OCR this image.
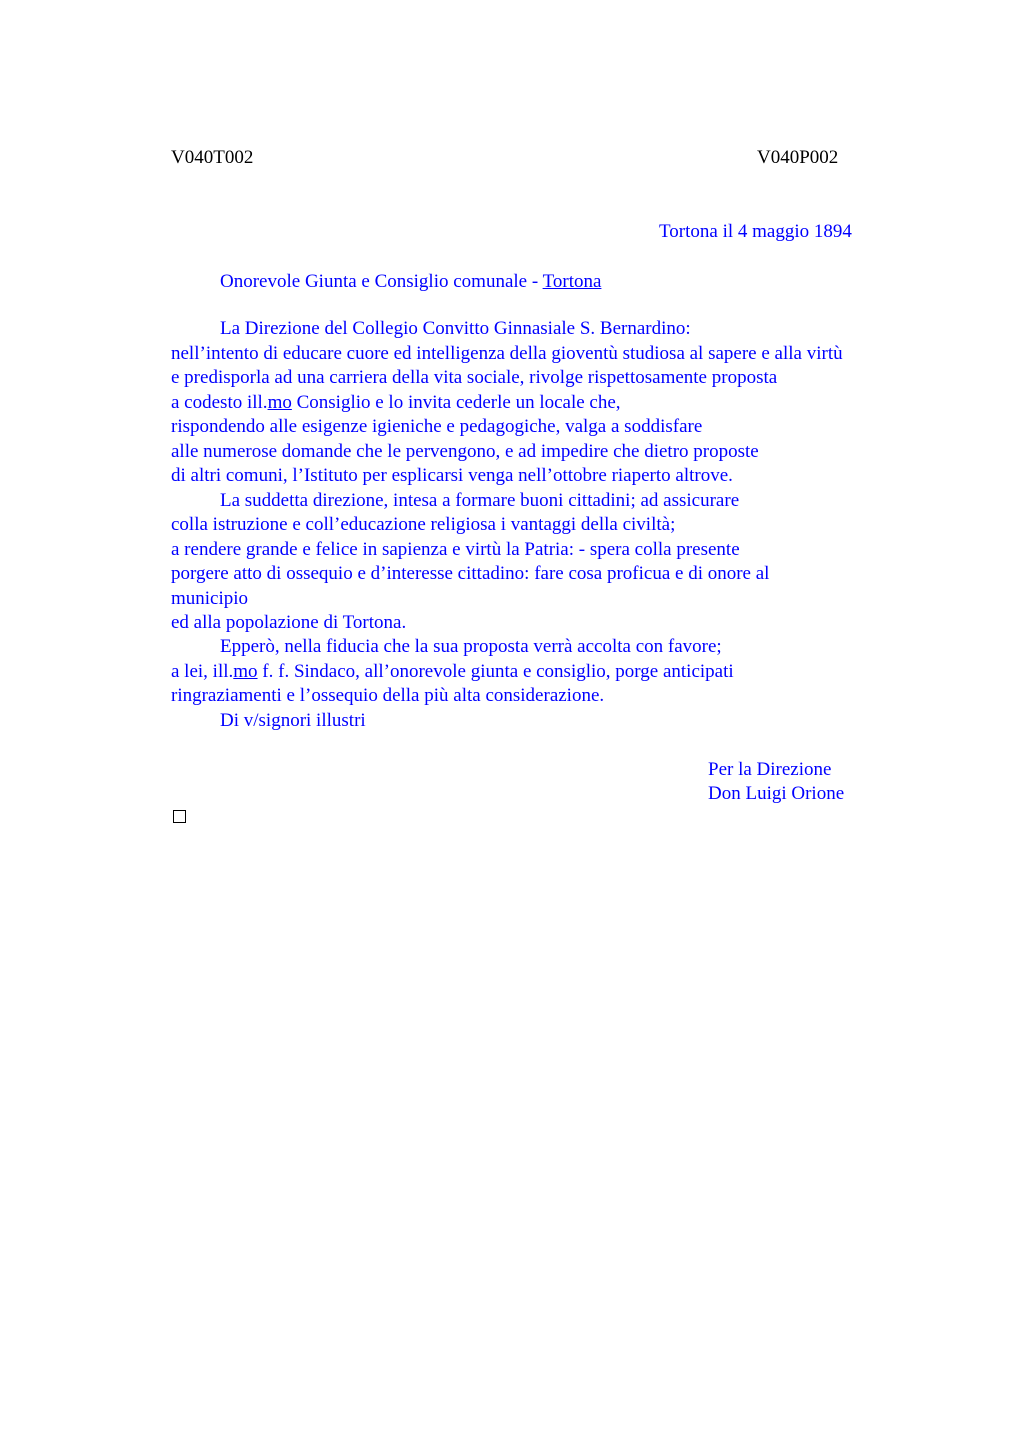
V040T002	V040P002
Tortona il 4 maggio 1894
Onorevole Giunta e Consiglio comunale - Tortona
La Direzione del Collegio Convitto Ginnasiale S. Bernardino:
nell’intento di educare cuore ed intelligenza della gioventù studiosa al sapere e alla virtù
e predisporla ad una carriera della vita sociale, rivolge rispettosamente proposta
a codesto ill.mo Consiglio e lo invita cederle un locale che,
rispondendo alle esigenze igieniche e pedagogiche, valga a soddisfare
alle numerose domande che le pervengono, e ad impedire che dietro proposte
di altri comuni, l’Istituto per esplicarsi venga nell’ottobre riaperto altrove.
La suddetta direzione, intesa a formare buoni cittadini; ad assicurare
colla istruzione e coll’educazione religiosa i vantaggi della civiltà;
a rendere grande e felice in sapienza e virtù la Patria: - spera colla presente
porgere atto di ossequio e d’interesse cittadino: fare cosa proficua e di onore al
municipio
ed alla popolazione di Tortona.
Epperò, nella fiducia che la sua proposta verrà accolta con favore;
a lei, ill.mo f. f. Sindaco, all’onorevole giunta e consiglio, porge anticipati
ringraziamenti e l’ossequio della più alta considerazione.
Di v/signori illustri
Per la Direzione
Don Luigi Orione
